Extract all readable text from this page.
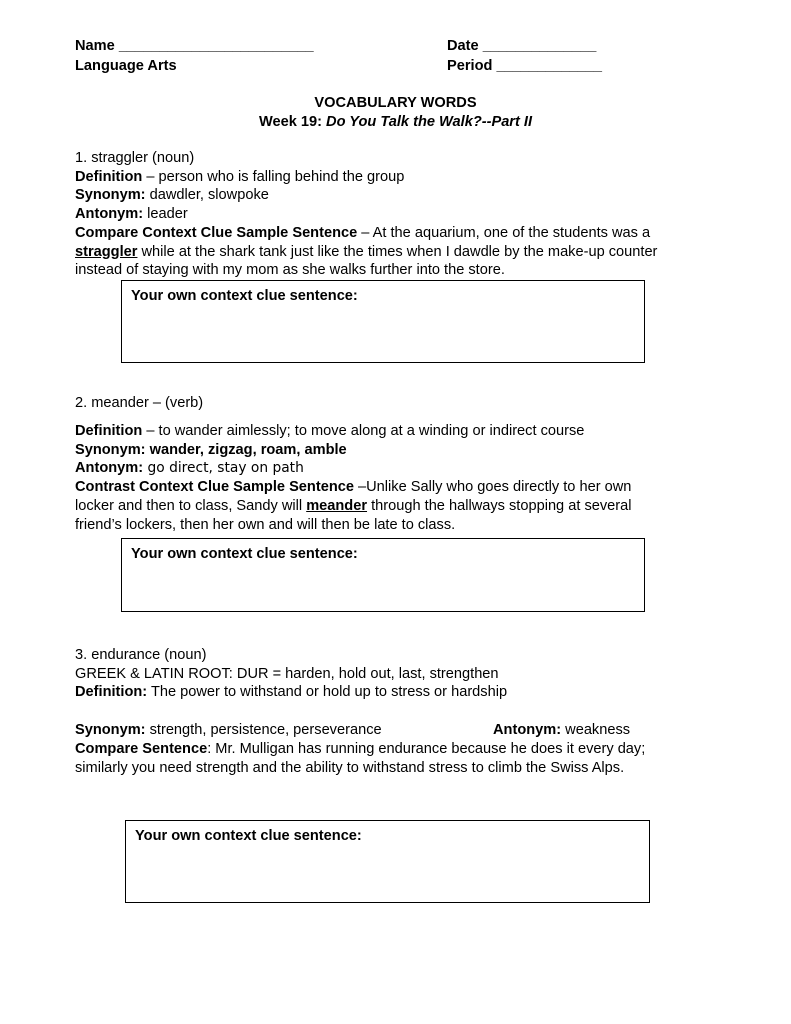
Name ________________________	Date ______________
Language Arts	Period _____________
VOCABULARY WORDS
Week 19: Do You Talk the Walk?--Part II
1. straggler (noun)
Definition – person who is falling behind the group
Synonym: dawdler, slowpoke
Antonym: leader
Compare Context Clue Sample Sentence – At the aquarium, one of the students was a
straggler while at the shark tank just like the times when I dawdle by the make-up counter
instead of staying with my mom as she walks further into the store.
Your own context clue sentence:
2. meander – (verb)
Definition – to wander aimlessly; to move along at a winding or indirect course
Synonym: wander, zigzag, roam, amble
Antonym: go direct, stay on path
Contrast Context Clue Sample Sentence –Unlike Sally who goes directly to her own
locker and then to class, Sandy will meander through the hallways stopping at several
friend’s lockers, then her own and will then be late to class.
Your own context clue sentence:
3. endurance (noun)
GREEK & LATIN ROOT: DUR = harden, hold out, last, strengthen
Definition: The power to withstand or hold up to stress or hardship
Synonym: strength, persistence, perseverance	Antonym: weakness
Compare Sentence: Mr. Mulligan has running endurance because he does it every day;
similarly you need strength and the ability to withstand stress to climb the Swiss Alps.
Your own context clue sentence:
